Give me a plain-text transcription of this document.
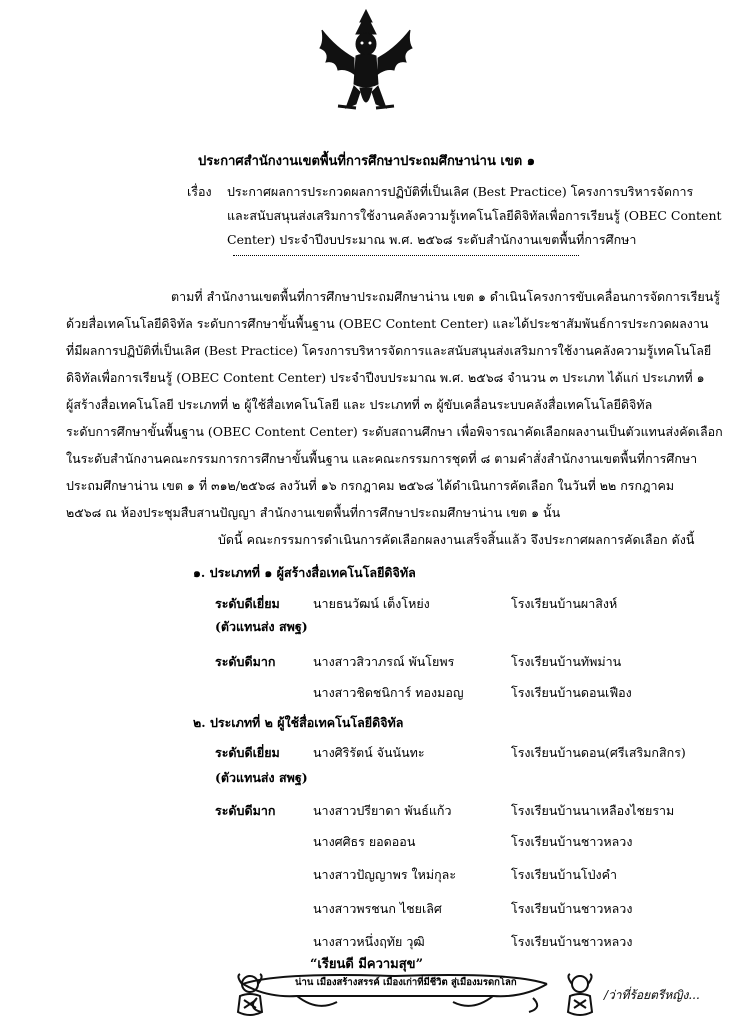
ประกาศสำนักงานเขตพื้นที่การศึกษาประถมศึกษาน่าน เขต ๑
เรื่อง ประกาศผลการประกวดผลการปฏิบัติที่เป็นเลิศ (Best Practice) โครงการบริหารจัดการ
และสนับสนุนส่งเสริมการใช้งานคลังความรู้เทคโนโลยีดิจิทัลเพื่อการเรียนรู้ (OBEC Content
Center) ประจำปีงบประมาณ พ.ศ. ๒๕๖๘ ระดับสำนักงานเขตพื้นที่การศึกษา
ตามที่ สำนักงานเขตพื้นที่การศึกษาประถมศึกษาน่าน เขต ๑ ดำเนินโครงการขับเคลื่อนการจัดการเรียนรู้
ด้วยสื่อเทคโนโลยีดิจิทัล ระดับการศึกษาขั้นพื้นฐาน (OBEC Content Center) และได้ประชาสัมพันธ์การประกวดผลงาน
ที่มีผลการปฏิบัติที่เป็นเลิศ (Best Practice) โครงการบริหารจัดการและสนับสนุนส่งเสริมการใช้งานคลังความรู้เทคโนโลยี
ดิจิทัลเพื่อการเรียนรู้ (OBEC Content Center) ประจำปีงบประมาณ พ.ศ. ๒๕๖๘ จำนวน ๓ ประเภท ได้แก่ ประเภทที่ ๑
ผู้สร้างสื่อเทคโนโลยี ประเภทที่ ๒ ผู้ใช้สื่อเทคโนโลยี และ ประเภทที่ ๓ ผู้ขับเคลื่อนระบบคลังสื่อเทคโนโลยีดิจิทัล
ระดับการศึกษาขั้นพื้นฐาน (OBEC Content Center) ระดับสถานศึกษา เพื่อพิจารณาคัดเลือกผลงานเป็นตัวแทนส่งคัดเลือก
ในระดับสำนักงานคณะกรรมการการศึกษาขั้นพื้นฐาน และคณะกรรมการชุดที่ ๘ ตามคำสั่งสำนักงานเขตพื้นที่การศึกษา
ประถมศึกษาน่าน เขต ๑ ที่ ๓๑๒/๒๕๖๘ ลงวันที่ ๑๖ กรกฎาคม ๒๕๖๘ ได้ดำเนินการคัดเลือก ในวันที่ ๒๒ กรกฎาคม
๒๕๖๘ ณ ห้องประชุมสืบสานปัญญา สำนักงานเขตพื้นที่การศึกษาประถมศึกษาน่าน เขต ๑ นั้น
บัดนี้ คณะกรรมการดำเนินการคัดเลือกผลงานเสร็จสิ้นแล้ว จึงประกาศผลการคัดเลือก ดังนี้
๑. ประเภทที่ ๑ ผู้สร้างสื่อเทคโนโลยีดิจิทัล
ระดับดีเยี่ยม	นายธนวัฒน์ เต็งโหย่ง	โรงเรียนบ้านผาสิงห์
(ตัวแทนส่ง สพฐ)
ระดับดีมาก	นางสาวสิวาภรณ์ พันโยพร	โรงเรียนบ้านทัพม่าน
นางสาวชิดชนิการ์ ทองมอญ	โรงเรียนบ้านดอนเฟือง
๒. ประเภทที่ ๒ ผู้ใช้สื่อเทคโนโลยีดิจิทัล
ระดับดีเยี่ยม	นางศิริรัตน์ จันนันทะ	โรงเรียนบ้านดอน(ศรีเสริมกสิกร)
(ตัวแทนส่ง สพฐ)
ระดับดีมาก	นางสาวปรียาดา พันธ์แก้ว	โรงเรียนบ้านนาเหลืองไชยราม
นางศศิธร ยอดออน	โรงเรียนบ้านชาวหลวง
นางสาวปัญญาพร ใหม่กุละ	โรงเรียนบ้านโป่งคำ
นางสาวพรชนก ไชยเลิศ	โรงเรียนบ้านชาวหลวง
นางสาวหนึ่งฤทัย วุฒิ	โรงเรียนบ้านชาวหลวง
“เรียนดี มีความสุข”
น่าน เมืองสร้างสรรค์ เมืองเก่าที่มีชีวิต สู่เมืองมรดกโลก
/ว่าที่ร้อยตรีหญิง...
